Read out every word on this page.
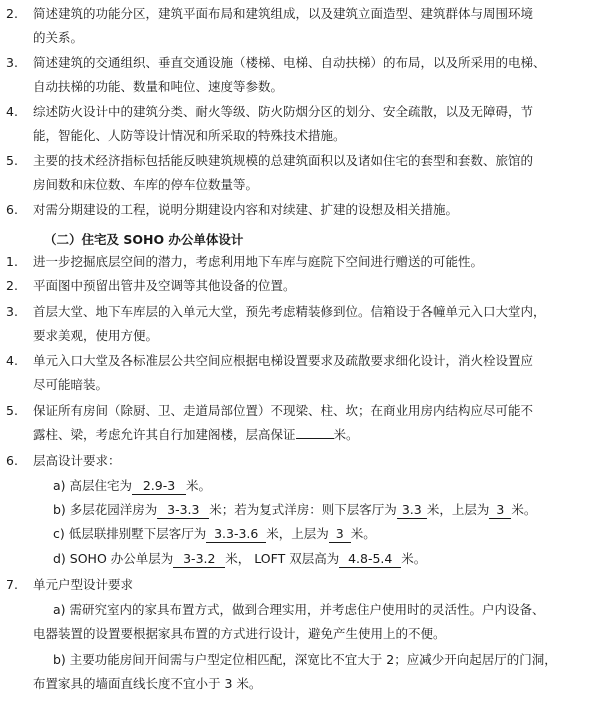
2.	简述建筑的功能分区，建筑平面布局和建筑组成，以及建筑立面造型、建筑群体与周围环境
的关系。
3.	简述建筑的交通组织、垂直交通设施（楼梯、电梯、自动扶梯）的布局，以及所采用的电梯、
自动扶梯的功能、数量和吨位、速度等参数。
4.	综述防火设计中的建筑分类、耐火等级、防火防烟分区的划分、安全疏散，以及无障碍，节
能，智能化、人防等设计情况和所采取的特殊技术措施。
5.	主要的技术经济指标包括能反映建筑规模的总建筑面积以及诸如住宅的套型和套数、旅馆的
房间数和床位数、车库的停车位数量等。
6.	对需分期建设的工程，说明分期建设内容和对续建、扩建的设想及相关措施。
（二）住宅及 SOHO 办公单体设计
1.	进一步挖掘底层空间的潜力，考虑利用地下车库与庭院下空间进行赠送的可能性。
2.	平面图中预留出管井及空调等其他设备的位置。
3.	首层大堂、地下车库层的入单元大堂，预先考虑精装修到位。信箱设于各幢单元入口大堂内，
要求美观，使用方便。
4.	单元入口大堂及各标准层公共空间应根据电梯设置要求及疏散要求细化设计，消火栓设置应
尽可能暗装。
5.	保证所有房间（除厨、卫、走道局部位置）不现梁、柱、坎；在商业用房内结构应尽可能不
露柱、梁，考虑允许其自行加建阁楼，层高保证	米。
6.	层高设计要求：
a) 高层住宅为 2.9-3 米。
b) 多层花园洋房为 3-3.3 米；若为复式洋房：则下层客厅为 3.3 米，上层为 3 米。
c) 低层联排别墅下层客厅为 3.3-3.6 米，上层为 3 米。
d) SOHO 办公单层为 3-3.2 米， LOFT 双层高为 4.8-5.4 米。
7.	单元户型设计要求
a) 需研究室内的家具布置方式，做到合理实用，并考虑住户使用时的灵活性。户内设备、
电器装置的设置要根据家具布置的方式进行设计，避免产生使用上的不便。
b) 主要功能房间开间需与户型定位相匹配，深宽比不宜大于 2；应减少开向起居厅的门洞，
布置家具的墙面直线长度不宜小于 3 米。
